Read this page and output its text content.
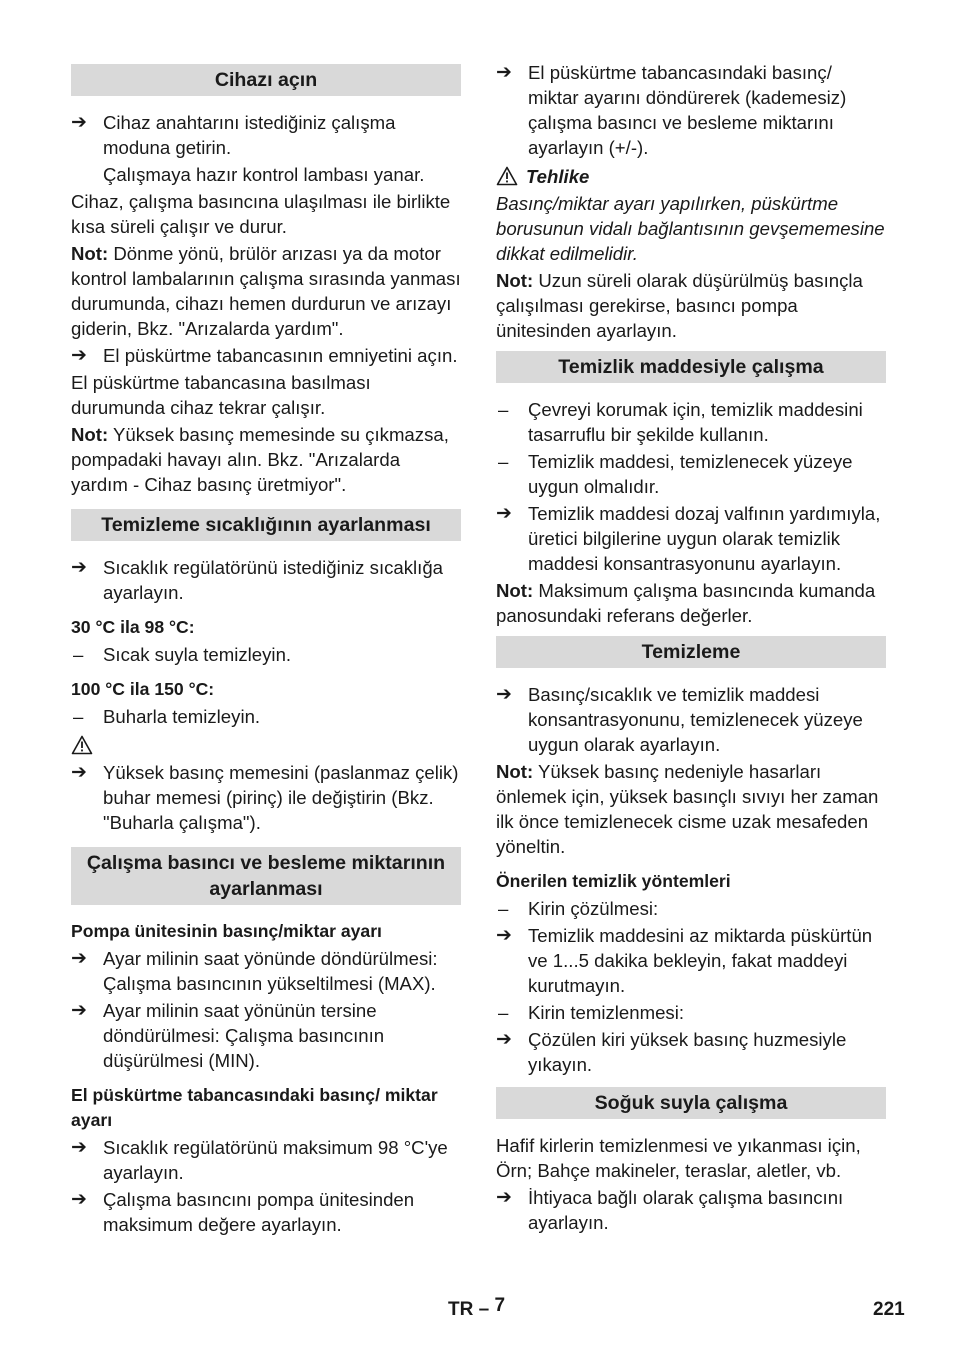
Cihazı açın
➔ Cihaz anahtarını istediğiniz çalışma moduna getirin.
Çalışmaya hazır kontrol lambası yanar.
Cihaz, çalışma basıncına ulaşılması ile birlikte kısa süreli çalışır ve durur.
Not: Dönme yönü, brülör arızası ya da motor kontrol lambalarının çalışma sırasında yanması durumunda, cihazı hemen durdurun ve arızayı giderin, Bkz. "Arızalarda yardım".
➔ El püskürtme tabancasının emniyetini açın.
El püskürtme tabancasına basılması durumunda cihaz tekrar çalışır.
Not: Yüksek basınç memesinde su çıkmazsa, pompadaki havayı alın. Bkz. "Arızalarda yardım - Cihaz basınç üretmiyor".
Temizleme sıcaklığının ayarlanması
➔ Sıcaklık regülatörünü istediğiniz sıcaklığa ayarlayın.
30 °C ila 98 °C:
–	Sıcak suyla temizleyin.
100 °C ila 150 °C:
–	Buharla temizleyin.
➔ Yüksek basınç memesini (paslanmaz çelik) buhar memesi (pirinç) ile değiştirin (Bkz. "Buharla çalışma").
Çalışma basıncı ve besleme miktarının ayarlanması
Pompa ünitesinin basınç/miktar ayarı
➔ Ayar milinin saat yönünde döndürülmesi: Çalışma basıncının yükseltilmesi (MAX).
➔ Ayar milinin saat yönünün tersine döndürülmesi: Çalışma basıncının düşürülmesi (MIN).
El püskürtme tabancasındaki basınç/ miktar ayarı
➔ Sıcaklık regülatörünü maksimum 98 °C'ye ayarlayın.
➔ Çalışma basıncını pompa ünitesinden maksimum değere ayarlayın.
➔ El püskürtme tabancasındaki basınç/ miktar ayarını döndürerek (kademesiz) çalışma basıncı ve besleme miktarını ayarlayın (+/-).
Tehlike
Basınç/miktar ayarı yapılırken, püskürtme borusunun vidalı bağlantısının gevşememesine dikkat edilmelidir.
Not: Uzun süreli olarak düşürülmüş basınçla çalışılması gerekirse, basıncı pompa ünitesinden ayarlayın.
Temizlik maddesiyle çalışma
–	Çevreyi korumak için, temizlik maddesini tasarruflu bir şekilde kullanın.
–	Temizlik maddesi, temizlenecek yüzeye uygun olmalıdır.
➔ Temizlik maddesi dozaj valfının yardımıyla, üretici bilgilerine uygun olarak temizlik maddesi konsantrasyonunu ayarlayın.
Not: Maksimum çalışma basıncında kumanda panosundaki referans değerler.
Temizleme
➔ Basınç/sıcaklık ve temizlik maddesi konsantrasyonunu, temizlenecek yüzeye uygun olarak ayarlayın.
Not: Yüksek basınç nedeniyle hasarları önlemek için, yüksek basınçlı sıvıyı her zaman ilk önce temizlenecek cisme uzak mesafeden yöneltin.
Önerilen temizlik yöntemleri
–	Kirin çözülmesi:
➔ Temizlik maddesini az miktarda püskürtün ve 1...5 dakika bekleyin, fakat maddeyi kurutmayın.
–	Kirin temizlenmesi:
➔ Çözülen kiri yüksek basınç huzmesiyle yıkayın.
Soğuk suyla çalışma
Hafif kirlerin temizlenmesi ve yıkanması için, Örn; Bahçe makineler, teraslar, aletler, vb.
➔ İhtiyaca bağlı olarak çalışma basıncını ayarlayın.
TR – 7	221
